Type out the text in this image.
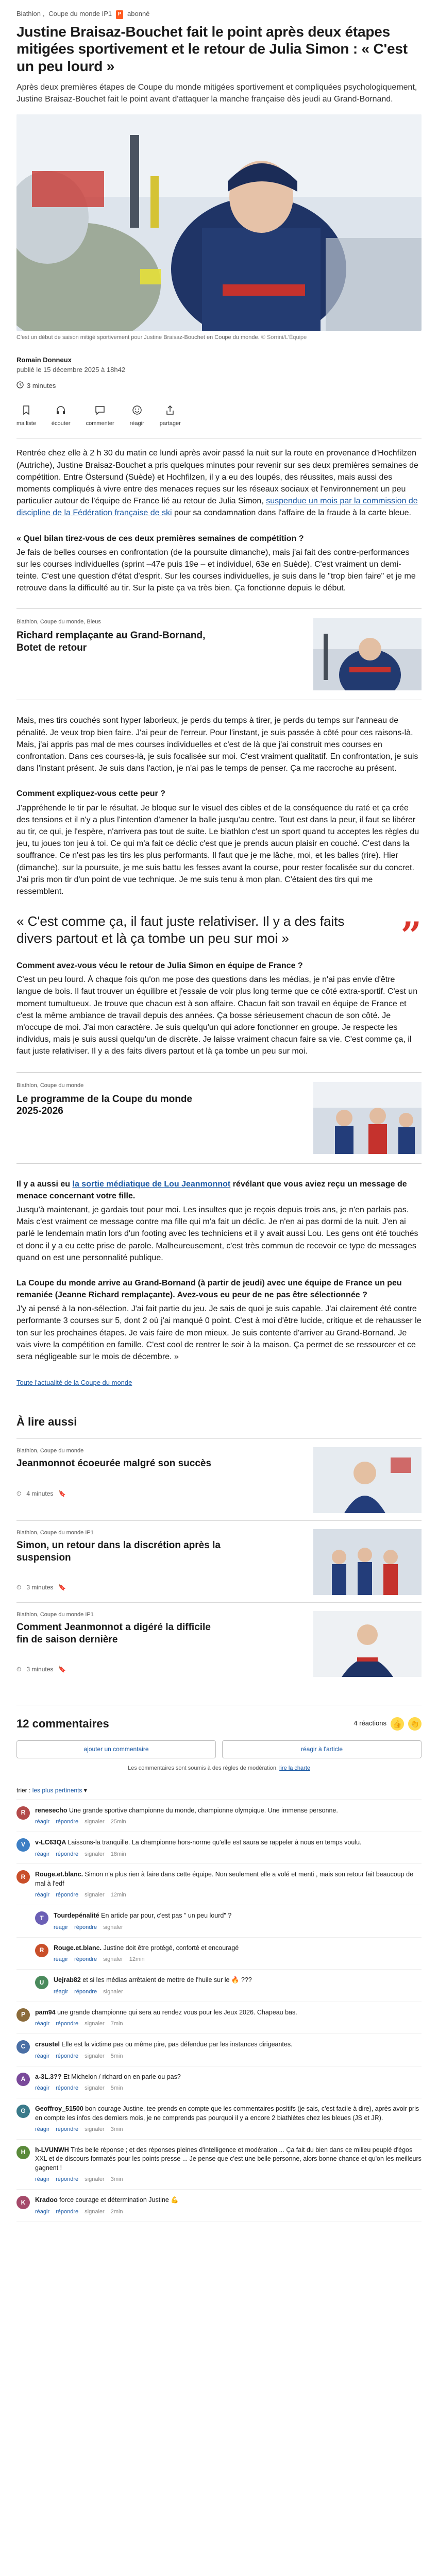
Biathlon , Coupe du monde IP1 P abonné
Justine Braisaz-Bouchet fait le point après deux étapes mitigées sportivement et le retour de Julia Simon : « C'est un peu lourd »

Après deux premières étapes de Coupe du monde mitigées sportivement et compliquées psychologiquement, Justine Braisaz-Bouchet fait le point avant d'attaquer la manche française dès jeudi au Grand-Bornand.

C'est un début de saison mitigé sportivement pour Justine Braisaz-Bouchet en Coupe du monde. © Sorrini/L'Équipe
Romain Donneux
publié le 15 décembre 2025 à 18h42
3 minutes
ma liste	écouter	commenter	réagir	partager

Rentrée chez elle à 2 h 30 du matin ce lundi après avoir passé la nuit sur la route en provenance d'Hochfilzen (Autriche), Justine Braisaz-Bouchet a pris quelques minutes pour revenir sur ses deux premières semaines de compétition. Entre Östersund (Suède) et Hochfilzen, il y a eu des loupés, des réussites, mais aussi des moments compliqués à vivre entre des menaces reçues sur les réseaux sociaux et l'environnement un peu particulier autour de l'équipe de France lié au retour de Julia Simon, suspendue un mois par la commission de discipline de la Fédération française de ski pour sa condamnation dans l'affaire de la fraude à la carte bleue.

« Quel bilan tirez-vous de ces deux premières semaines de compétition ?

Je fais de belles courses en confrontation (de la poursuite dimanche), mais j'ai fait des contre-performances sur les courses individuelles (sprint –47e puis 19e – et individuel, 63e en Suède). C'est vraiment un demi-teinte. C'est une question d'état d'esprit. Sur les courses individuelles, je suis dans le "trop bien faire" et je me retrouve dans la difficulté au tir. Sur la piste ça va très bien. Ça fonctionne depuis le début.

Biathlon, Coupe du monde, Bleus
Richard remplaçante au Grand-Bornand, Botet de retour

Mais, mes tirs couchés sont hyper laborieux, je perds du temps à tirer, je perds du temps sur l'anneau de pénalité. Je veux trop bien faire. J'ai peur de l'erreur. Pour l'instant, je suis passée à côté pour ces raisons-là. Mais, j'ai appris pas mal de mes courses individuelles et c'est de là que j'ai construit mes courses en confrontation. Dans ces courses-là, je suis focalisée sur moi. C'est vraiment qualitatif. En confrontation, je suis dans l'instant présent. Je suis dans l'action, je n'ai pas le temps de penser. Ça me raccroche au présent.

Comment expliquez-vous cette peur ?

J'appréhende le tir par le résultat. Je bloque sur le visuel des cibles et de la conséquence du raté et ça crée des tensions et il n'y a plus l'intention d'amener la balle jusqu'au centre. Tout est dans la peur, il faut se libérer au tir, ce qui, je l'espère, n'arrivera pas tout de suite. Le biathlon c'est un sport quand tu acceptes les règles du jeu, tu joues ton jeu à toi. Ce qui m'a fait ce déclic c'est que je prends aucun plaisir en couché. C'est dans la souffrance. Ce n'est pas les tirs les plus performants. Il faut que je me lâche, moi, et les balles (rire). Hier (dimanche), sur la poursuite, je me suis battu les fesses avant la course, pour rester focalisée sur du concret. J'ai pris mon tir d'un point de vue technique. Je me suis tenu à mon plan. C'étaient des tirs qui me ressemblent.

« C'est comme ça, il faut juste relativiser. Il y a des faits divers partout et là ça tombe un peu sur moi »	”

Comment avez-vous vécu le retour de Julia Simon en équipe de France ?

C'est un peu lourd. À chaque fois qu'on me pose des questions dans les médias, je n'ai pas envie d'être langue de bois. Il faut trouver un équilibre et j'essaie de voir plus long terme que ce côté extra-sportif. C'est un moment tumultueux. Je trouve que chacun est à son affaire. Chacun fait son travail en équipe de France et c'est la même ambiance de travail depuis des années. Ça bosse sérieusement chacun de son côté. Je m'occupe de moi. J'ai mon caractère. Je suis quelqu'un qui adore fonctionner en groupe. Je respecte les individus, mais je suis aussi quelqu'un de discrète. Je laisse vraiment chacun faire sa vie. C'est comme ça, il faut juste relativiser. Il y a des faits divers partout et là ça tombe un peu sur moi.

Biathlon, Coupe du monde
Le programme de la Coupe du monde 2025-2026

Il y a aussi eu la sortie médiatique de Lou Jeanmonnot révélant que vous aviez reçu un message de menace concernant votre fille.

Jusqu'à maintenant, je gardais tout pour moi. Les insultes que je reçois depuis trois ans, je n'en parlais pas. Mais c'est vraiment ce message contre ma fille qui m'a fait un déclic. Je n'en ai pas dormi de la nuit. J'en ai parlé le lendemain matin lors d'un footing avec les techniciens et il y avait aussi Lou. Les gens ont été touchés et donc il y a eu cette prise de parole. Malheureusement, c'est très commun de recevoir ce type de messages quand on est une personnalité publique.

La Coupe du monde arrive au Grand-Bornand (à partir de jeudi) avec une équipe de France un peu remaniée (Jeanne Richard remplaçante). Avez-vous eu peur de ne pas être sélectionnée ?

J'y ai pensé à la non-sélection. J'ai fait partie du jeu. Je sais de quoi je suis capable. J'ai clairement été contre performante 3 courses sur 5, dont 2 où j'ai manqué 0 point. C'est à moi d'être lucide, critique et de rehausser le ton sur les prochaines étapes. Je vais faire de mon mieux. Je suis contente d'arriver au Grand-Bornand. Je vais vivre la compétition en famille. C'est cool de rentrer le soir à la maison. Ça permet de se ressourcer et ce sera négligeable sur le mois de décembre. »

Toute l'actualité de la Coupe du monde
À lire aussi
Biathlon, Coupe du monde
Jeanmonnot écoeurée malgré son succès
⏱ 4 minutes 🔖
Biathlon, Coupe du monde IP1
Simon, un retour dans la discrétion après la suspension
⏱ 3 minutes 🔖
Biathlon, Coupe du monde IP1
Comment Jeanmonnot a digéré la difficile fin de saison dernière
⏱ 3 minutes 🔖
12 commentaires	4 réactions 👍	👏
ajouter un commentaire	réagir à l'article
Les commentaires sont soumis à des règles de modération. lire la charte
trier : les plus pertinents ▾
R	renesecho Une grande sportive championne du monde, championne olympique. Une immense personne.
réagir répondre signaler 25min
V	v-LC63QA Laissons-la tranquille. La championne hors-norme qu'elle est saura se rappeler à nous en temps voulu.
réagir répondre signaler 18min
R	Rouge.et.blanc. Simon n'a plus rien à faire dans cette équipe. Non seulement elle a volé et menti , mais son retour fait beaucoup de mal à l'edf
réagir répondre signaler 12min
T	Tourdepénalité En article par pour, c'est pas " un peu lourd" ?
réagir répondre signaler
R	Rouge.et.blanc. Justine doit être protégé, conforté et encouragé
réagir répondre signaler 12min
U	Uejrab82 et si les médias arrêtaient de mettre de l'huile sur le 🔥 ???
réagir répondre signaler
P	pam94 une grande championne qui sera au rendez vous pour les Jeux 2026. Chapeau bas.
réagir répondre signaler 7min
C	crsustel Elle est la victime pas ou même pire, pas défendue par les instances dirigeantes.
réagir répondre signaler 5min
A	a-3L.3?? Et Michelon / richard on en parle ou pas?
réagir répondre signaler 5min
G	Geoffroy_51500 bon courage Justine, tee prends en compte que les commentaires positifs (je sais, c'est facile à dire), après avoir pris en compte les infos des derniers mois, je ne comprends pas pourquoi il y a encore 2 biathlètes chez les bleues (JS et JR).
réagir répondre signaler 3min
H	h-LVUNWH Très belle réponse ; et des réponses pleines d'intelligence et modération ... Ça fait du bien dans ce milieu peuplé d'égos XXL et de discours formatés pour les points presse ... Je pense que c'est une belle personne, alors bonne chance et qu'on les meilleurs gagnent !
réagir répondre signaler 3min
K	Kradoo force courage et détermination Justine 💪
réagir répondre signaler 2min
